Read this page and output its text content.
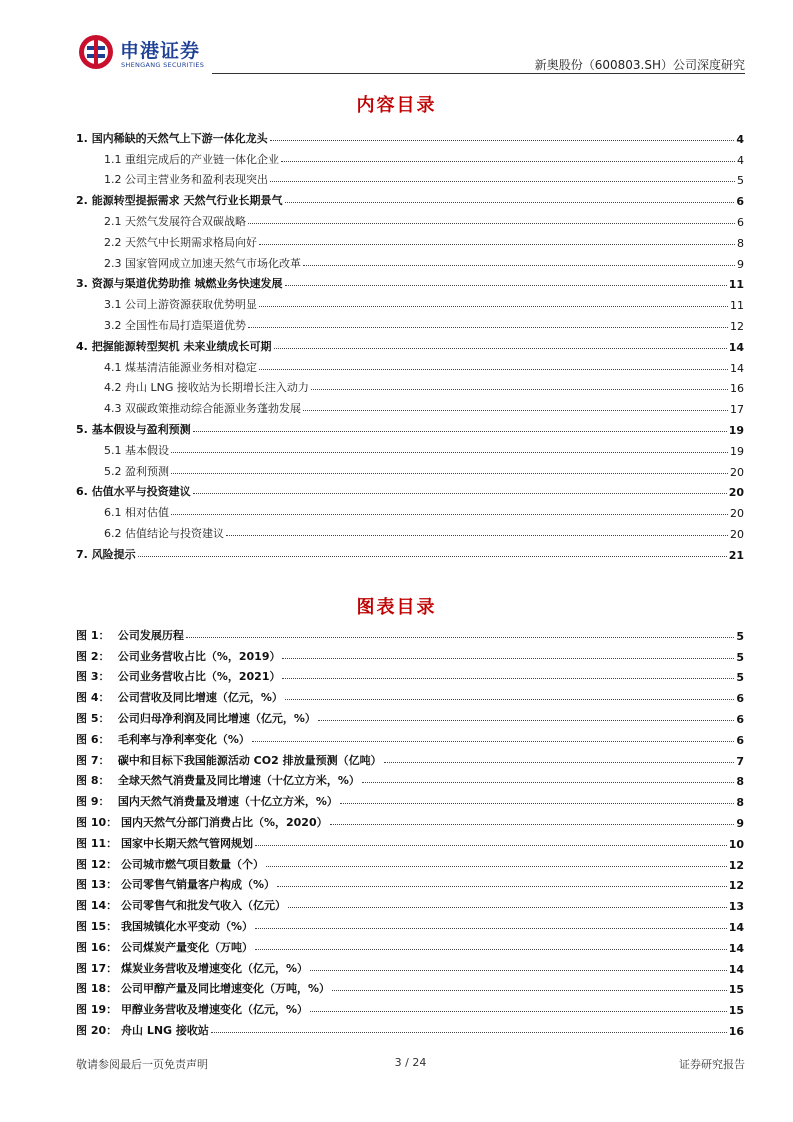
申港证券
SHENGANG SECURITIES	新奥股份（600803.SH）公司深度研究
内容目录
1. 国内稀缺的天然气上下游一体化龙头	4
1.1 重组完成后的产业链一体化企业	4
1.2 公司主营业务和盈利表现突出	5
2. 能源转型提振需求 天然气行业长期景气	6
2.1 天然气发展符合双碳战略	6
2.2 天然气中长期需求格局向好	8
2.3 国家管网成立加速天然气市场化改革	9
3. 资源与渠道优势助推 城燃业务快速发展	11
3.1 公司上游资源获取优势明显	11
3.2 全国性布局打造渠道优势	12
4. 把握能源转型契机 未来业绩成长可期	14
4.1 煤基清洁能源业务相对稳定	14
4.2 舟山 LNG 接收站为长期增长注入动力	16
4.3 双碳政策推动综合能源业务蓬勃发展	17
5. 基本假设与盈利预测	19
5.1 基本假设	19
5.2 盈利预测	20
6. 估值水平与投资建议	20
6.1 相对估值	20
6.2 估值结论与投资建议	20
7. 风险提示	21
图表目录
图 1： 公司发展历程	5
图 2： 公司业务营收占比（%，2019）	5
图 3： 公司业务营收占比（%，2021）	5
图 4： 公司营收及同比增速（亿元，%）	6
图 5： 公司归母净利润及同比增速（亿元，%）	6
图 6： 毛利率与净利率变化（%）	6
图 7： 碳中和目标下我国能源活动 CO2 排放量预测（亿吨）	7
图 8： 全球天然气消费量及同比增速（十亿立方米，%）	8
图 9： 国内天然气消费量及增速（十亿立方米，%）	8
图 10： 国内天然气分部门消费占比（%，2020）	9
图 11： 国家中长期天然气管网规划	10
图 12： 公司城市燃气项目数量（个）	12
图 13： 公司零售气销量客户构成（%）	12
图 14： 公司零售气和批发气收入（亿元）	13
图 15： 我国城镇化水平变动（%）	14
图 16： 公司煤炭产量变化（万吨）	14
图 17： 煤炭业务营收及增速变化（亿元，%）	14
图 18： 公司甲醇产量及同比增速变化（万吨，%）	15
图 19： 甲醇业务营收及增速变化（亿元，%）	15
图 20： 舟山 LNG 接收站	16
敬请参阅最后一页免责声明	3 / 24	证券研究报告
